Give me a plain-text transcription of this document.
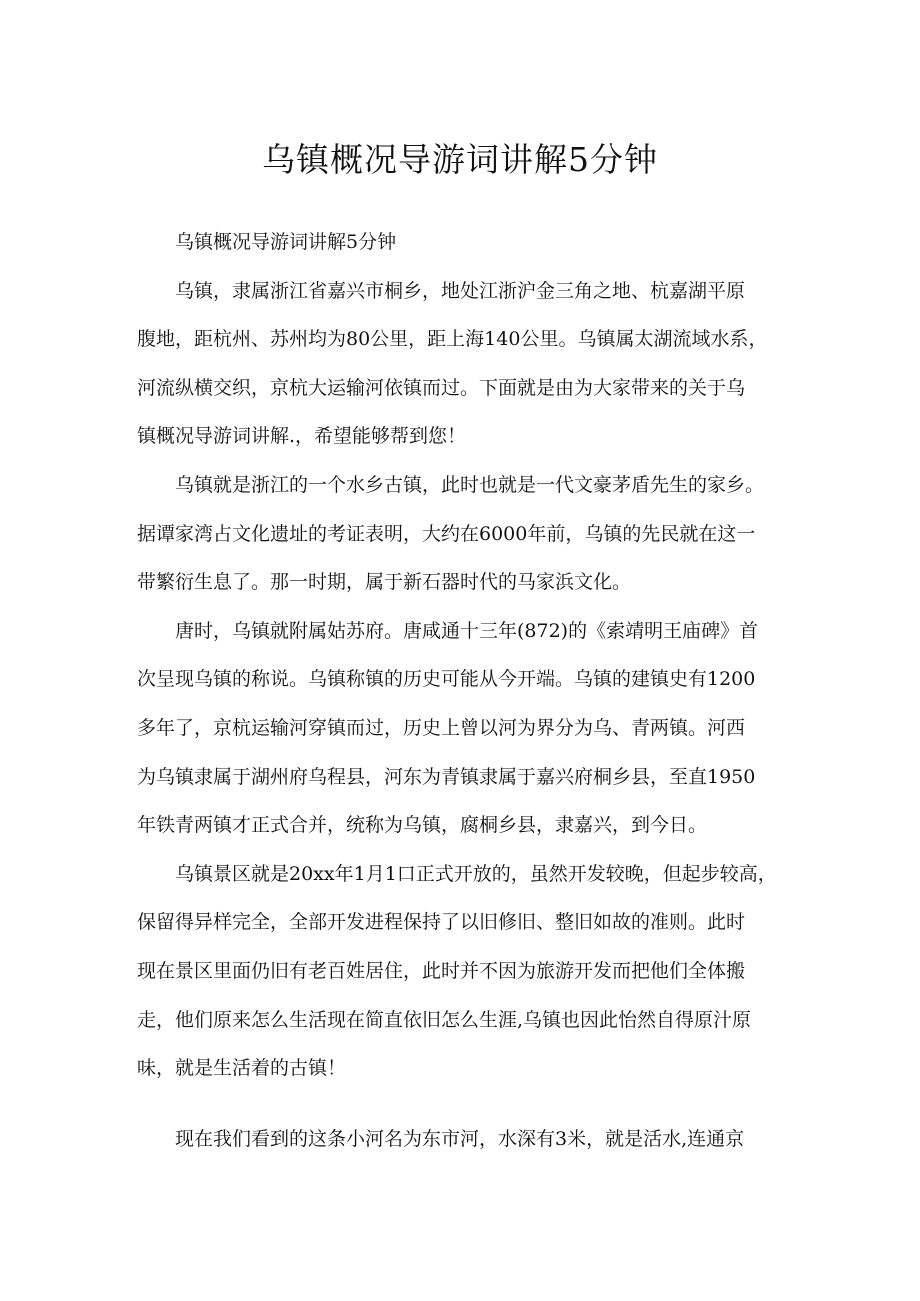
乌镇概况导游词讲解5分钟

乌镇概况导游词讲解5分钟

乌镇，隶属浙江省嘉兴市桐乡，地处江浙沪金三角之地、杭嘉湖平原
腹地，距杭州、苏州均为80公里，距上海140公里。乌镇属太湖流域水系，
河流纵横交织，京杭大运输河依镇而过。下面就是由为大家带来的关于乌
镇概况导游词讲解.，希望能够帮到您！

乌镇就是浙江的一个水乡古镇，此时也就是一代文豪茅盾先生的家乡。
据谭家湾占文化遗址的考证表明，大约在6000年前，乌镇的先民就在这一
带繁衍生息了。那一时期，属于新石器时代的马家浜文化。

唐时，乌镇就附属姑苏府。唐咸通十三年(872)的《索靖明王庙碑》首
次呈现乌镇的称说。乌镇称镇的历史可能从今开端。乌镇的建镇史有1200
多年了，京杭运输河穿镇而过，历史上曾以河为界分为乌、青两镇。河西
为乌镇隶属于湖州府乌程县，河东为青镇隶属于嘉兴府桐乡县，至直1950
年铁青两镇才正式合并，统称为乌镇，腐桐乡县，隶嘉兴，到今日。

乌镇景区就是20xx年1月1口正式开放的，虽然开发较晚，但起步较高，
保留得异样完全，全部开发进程保持了以旧修旧、整旧如故的准则。此时
现在景区里面仍旧有老百姓居住，此时并不因为旅游开发而把他们全体搬
走，他们原来怎么生活现在简直依旧怎么生涯,乌镇也因此怡然自得原汁原
味，就是生活着的古镇！

现在我们看到的这条小河名为东市河，水深有3米，就是活水,连通京
